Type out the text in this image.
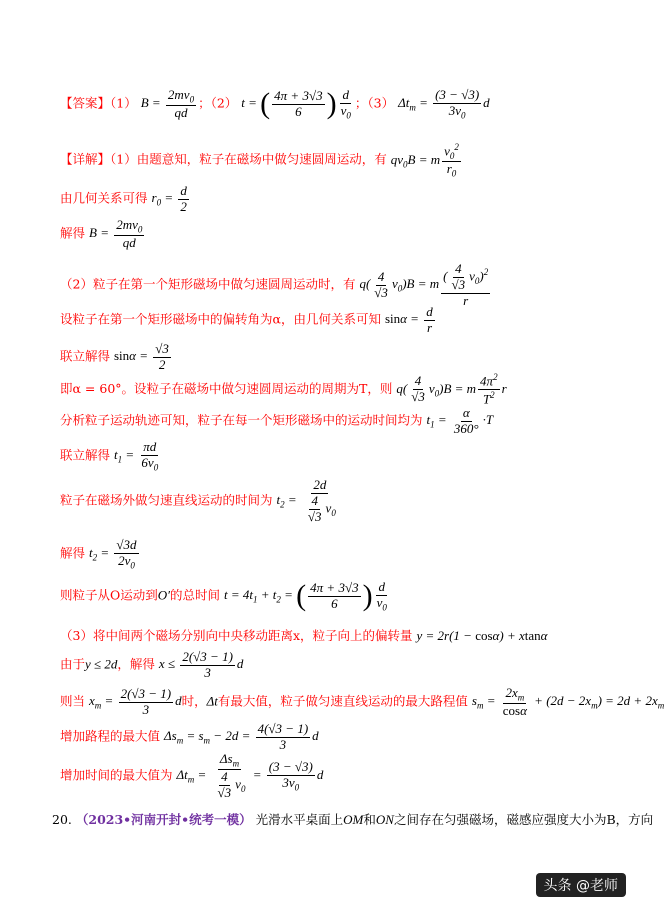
【答案】（1） $B = \frac{2mv_0}{qd}$ ；（2） t = ( $\frac{4\pi + 3√3}{6}$ ) $\frac{d}{v_0}$ ；（3） $\Delta t_m = \frac{(3 - √3)}{3v_0}$ d
【详解】（1）由题意知，粒子在磁场中做匀速圆周运动，有 $qv_0B = m \frac{v_0^2}{r_0}$
由几何关系可得 $r_0 = \frac{d}{2}$
解得 $B = \frac{2mv_0}{qd}$
（2）粒子在第一个矩形磁场中做匀速圆周运动时，有 $q( \frac{4}{√3} v_0)B = m \frac{( \frac{4}{√3} v_0)^2}{r}$
设粒子在第一个矩形磁场中的偏转角为α，由几何关系可知 $\sin\alpha = \frac{d}{r}$
联立解得 $\sin\alpha = \frac{√3}{2}$
即α = 60°。设粒子在磁场中做匀速圆周运动的周期为T，则 $q( \frac{4}{√3} v_0)B = m \frac{4\pi^2}{T^2}$ r
分析粒子运动轨迹可知，粒子在每一个矩形磁场中的运动时间均为 $t_1 = \frac{\alpha}{360^\circ} \cdot T$
联立解得 $t_1 = \frac{\pi d}{6v_0}$
粒子在磁场外做匀速直线运动的时间为 $t_2 = \frac{2d}{\frac{4}{√3} v_0}$
解得 $t_2 = \frac{√3d}{2v_0}$
则粒子从O运动到O′的总时间 $t = 4t_1 + t_2$ = ( $\frac{4\pi + 3√3}{6}$ ) $\frac{d}{v_0}$
（3）将中间两个磁场分别向中央移动距离x，粒子向上的偏转量 y = 2r(1 − cosα) + xtanα
由于y ≤ 2d，解得 $x \le \frac{2(√3 - 1)}{3}$ d
则当 $x_m = \frac{2(√3 - 1)}{3}$ d时，Δt有最大值，粒子做匀速直线运动的最大路程值 $s_m = \frac{2x_m}{\cos\alpha} + (2d - 2x_m) = 2d + 2x_m$
增加路程的最大值 $\Delta s_m = s_m - 2d = \frac{4(√3 - 1)}{3}$ d
增加时间的最大值为 $\Delta t_m = \frac{\Delta s_m}{\frac{4}{√3} v_0} = \frac{(3 - √3)}{3v_0}$ d
20. （2023•河南开封•统考一模） 光滑水平桌面上OM和ON之间存在匀强磁场，磁感应强度大小为B，方向
头条 @老师
